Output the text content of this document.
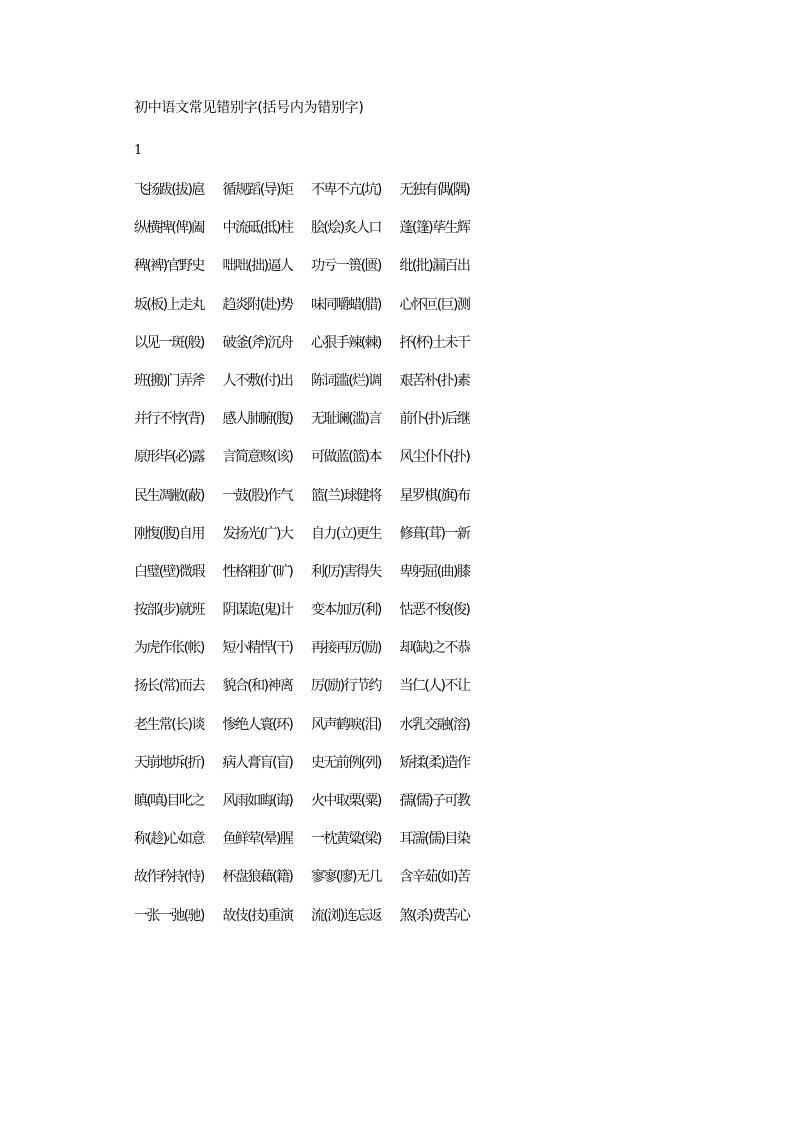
初中语文常见错别字(括号内为错别字)
1
飞扬跋(拔)扈	循规蹈(导)矩	不卑不亢(坑)	无独有偶(隅)
纵横捭(俾)阖	中流砥(抵)柱	脍(烩)炙人口	蓬(篷)荜生辉
稗(裨)官野史	咄咄(拙)逼人	功亏一篑(匮)	纰(批)漏百出
坂(板)上走丸	趋炎附(赴)势	味同嚼蜡(腊)	心怀叵(巨)测
以见一斑(般)	破釜(斧)沉舟	心狠手辣(棘)	抔(杯)土未干
班(搬)门弄斧	人不敷(付)出	陈词滥(烂)调	艰苦朴(扑)素
并行不悖(背)	感人肺腑(腹)	无耻谰(滥)言	前仆(扑)后继
原形毕(必)露	言简意赅(该)	可做蓝(篮)本	风尘仆仆(扑)
民生凋敝(蔽)	一鼓(股)作气	篮(兰)球健将	星罗棋(旗)布
刚愎(腹)自用	发扬光(广)大	自力(立)更生	修葺(茸)一新
白璧(壁)微瑕	性格粗犷(旷)	利(厉)害得失	卑躬屈(曲)膝
按部(步)就班	阴谋诡(鬼)计	变本加厉(利)	怙恶不悛(俊)
为虎作伥(帐)	短小精悍(干)	再接再厉(励)	却(缺)之不恭
扬长(常)而去	貌合(和)神离	厉(励)行节约	当仁(人)不让
老生常(长)谈	惨绝人寰(环)	风声鹤唳(泪)	水乳交融(溶)
天崩地坼(折)	病人膏肓(盲)	史无前例(列)	矫揉(柔)造作
瞋(嗔)目叱之	风雨如晦(诲)	火中取栗(粟)	孺(儒)子可教
称(趁)心如意	鱼鲜荤(晕)腥	一枕黄粱(梁)	耳濡(儒)目染
故作矜持(恃)	杯盘狼藉(籍)	寥寥(廖)无几	含辛茹(如)苦
一张一弛(驰)	故伎(技)重演	流(浏)连忘返	煞(杀)费苦心
